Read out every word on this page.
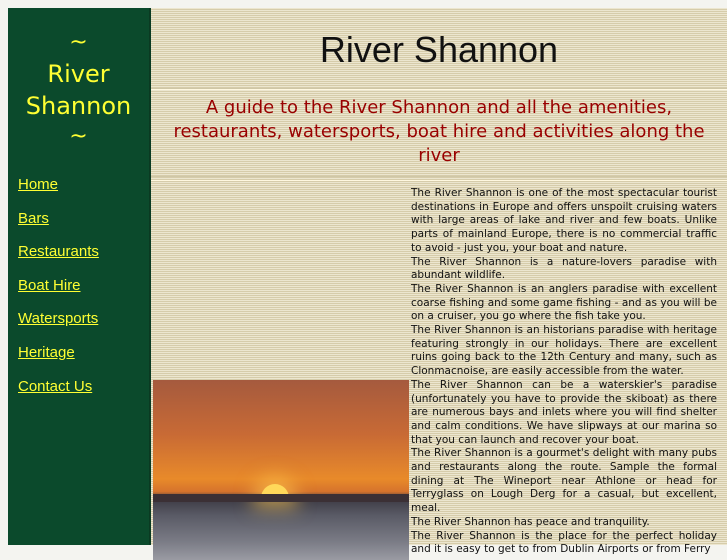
~
River
Shannon
~
Home
Bars
Restaurants
Boat Hire
Watersports
Heritage
Contact Us
River Shannon
A guide to the River Shannon and all the amenities, restaurants, watersports, boat hire and activities along the river

The River Shannon is one of the most spectacular tourist destinations in Europe and offers unspoilt cruising waters with large areas of lake and river and few boats. Unlike parts of mainland Europe, there is no commercial traffic to avoid - just you, your boat and nature.

The River Shannon is a nature-lovers paradise with abundant wildlife.

The River Shannon is an anglers paradise with excellent coarse fishing and some game fishing - and as you will be on a cruiser, you go where the fish take you.

The River Shannon is an historians paradise with heritage featuring strongly in our holidays. There are excellent ruins going back to the 12th Century and many, such as Clonmacnoise, are easily accessible from the water.

The River Shannon can be a waterskier's paradise (unfortunately you have to provide the skiboat) as there are numerous bays and inlets where you will find shelter and calm conditions. We have slipways at our marina so that you can launch and recover your boat.

The River Shannon is a gourmet's delight with many pubs and restaurants along the route. Sample the formal dining at The Wineport near Athlone or head for Terryglass on Lough Derg for a casual, but excellent, meal.

The River Shannon has peace and tranquility.

The River Shannon is the place for the perfect holiday and it is easy to get to from Dublin Airports or from Ferry
